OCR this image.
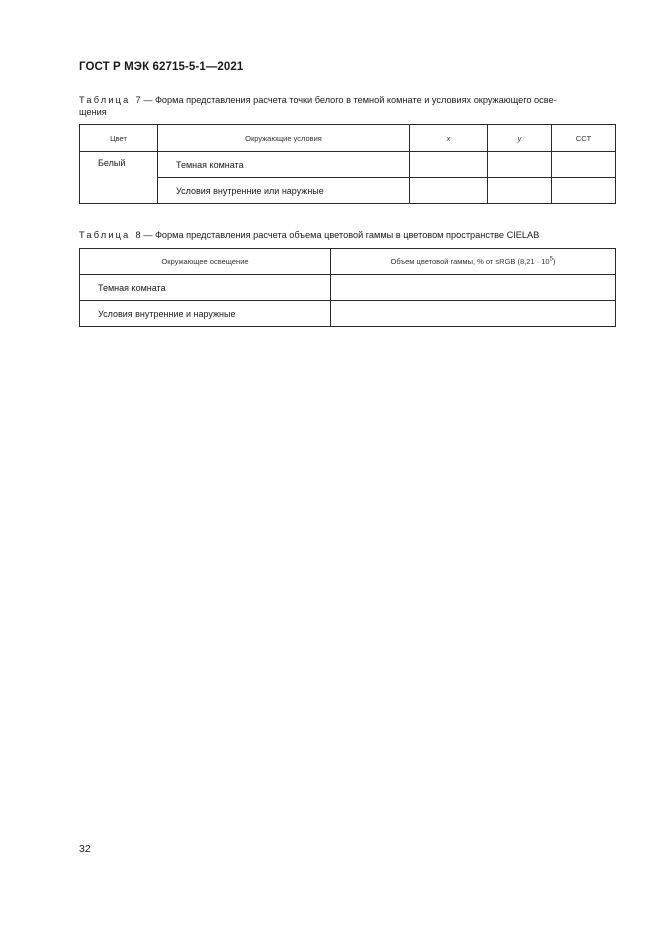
ГОСТ Р МЭК 62715-5-1—2021
Таблица 7 — Форма представления расчета точки белого в темной комнате и условиях окружающего осве-
щения
Цвет	Окружающие условия	x	y	CCT
Белый	Темная комната			
	Условия внутренние или наружные			
Таблица 8 — Форма представления расчета объема цветовой гаммы в цветовом пространстве CIELAB
Окружающее освещение	Объем цветовой гаммы, % от sRGB $(8,21 \cdot 10^5)$
Темная комната	
Условия внутренние и наружные	
32
